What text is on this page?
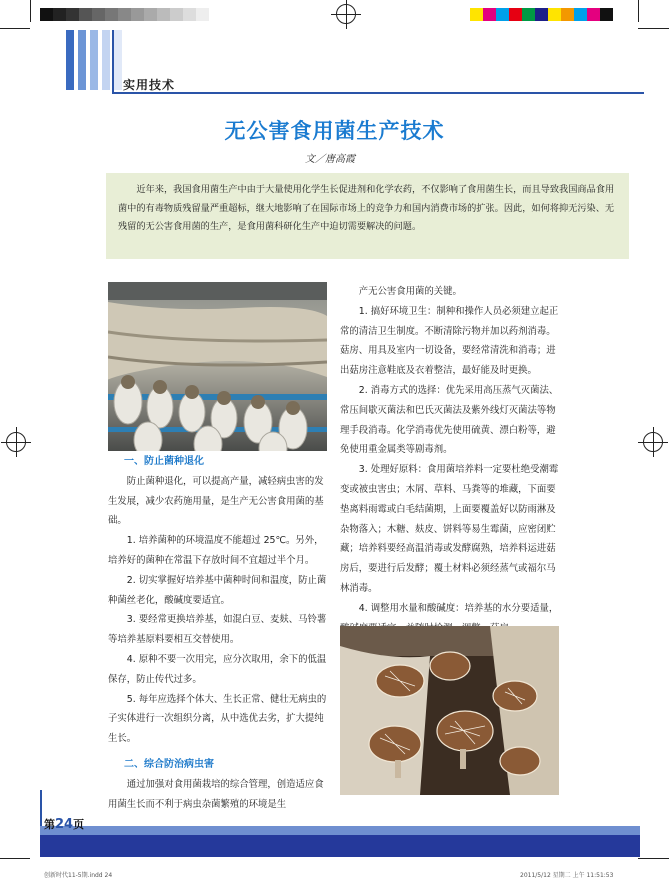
实用技术
无公害食用菌生产技术
文／唐高霞
近年来，我国食用菌生产中由于大量使用化学生长促进剂和化学农药，不仅影响了食用菌生长，而且导致我国商品食用菌中的有毒物质残留量严重超标，继大地影响了在国际市场上的竞争力和国内消费市场的扩张。因此，如何将抑无污染、无残留的无公害食用菌的生产，是食用菌科研化生产中迫切需要解决的问题。

一、防止菌种退化

防止菌种退化，可以提高产量，减轻病虫害的发生发展，减少农药施用量，是生产无公害食用菌的基础。

1. 培养菌种的环境温度不能超过 25℃。另外，培养好的菌种在常温下存放时间不宜超过半个月。

2. 切实掌握好培养基中菌种时间和温度，防止菌种菌丝老化，酸碱度要适宜。

3. 要经常更换培养基，如混白豆、麦麸、马铃薯等培养基原料要相互交替使用。

4. 原种不要一次用完，应分次取用，余下的低温保存，防止传代过多。

5. 每年应选择个体大、生长正常、健壮无病虫的子实体进行一次组织分离，从中选优去劣，扩大提纯生长。

二、综合防治病虫害

通过加强对食用菌栽培的综合管理，创造适应食用菌生长而不利于病虫杂菌繁殖的环境是生

产无公害食用菌的关键。

1. 搞好环境卫生：制种和操作人员必须建立起正常的清洁卫生制度。不断清除污物并加以药剂消毒。菇房、用具及室内一切设备，要经常清洗和消毒；进出菇房注意鞋底及衣着整洁，最好能及时更换。

2. 消毒方式的选择：优先采用高压蒸气灭菌法、常压间歇灭菌法和巴氏灭菌法及紫外线灯灭菌法等物理手段消毒。化学消毒优先使用硫黄、漂白粉等，避免使用重金属类等剧毒剂。

3. 处理好原料：食用菌培养料一定要杜绝受潮霉变或被虫害虫；木屑、草料、马粪等的堆藏，下面要垫离料雨霉或白毛结菌期，上面要覆盖好以防雨淋及杂物落入；木糖、麸皮、饼料等易生霉菌，应密闭贮藏；培养料要经高温消毒或发酵腐熟，培养料运进菇房后，要进行后发酵；覆土材料必须经蒸气或福尔马林消毒。

4. 调整用水量和酸碱度：培养基的水分要适量，

第24页
创新时代11-5期.indd 24	2011/5/12 星期二 上午 11:51:53
